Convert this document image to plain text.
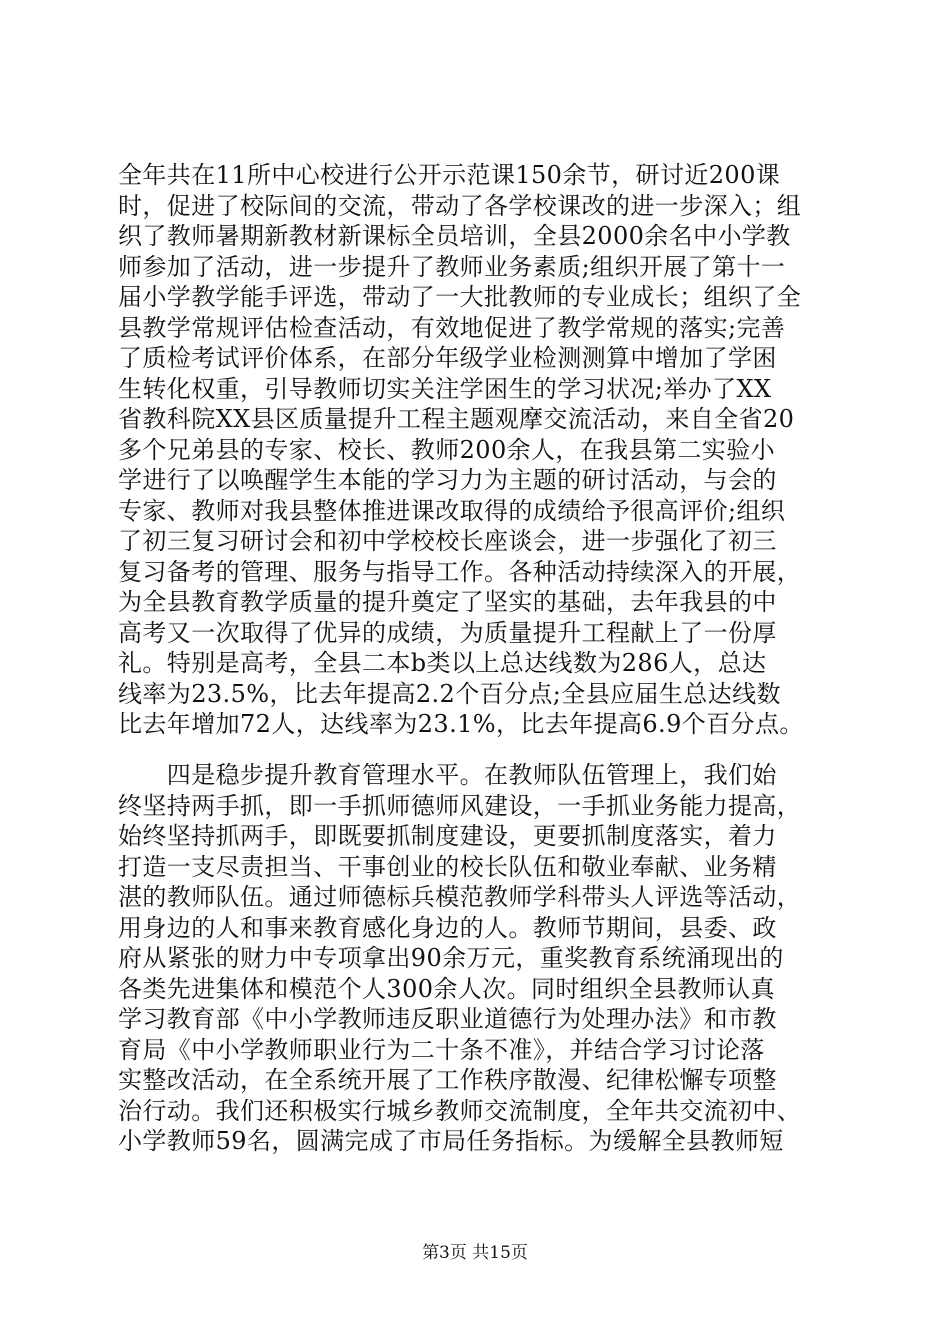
全年共在11所中心校进行公开示范课150余节，研讨近200课
时，促进了校际间的交流，带动了各学校课改的进一步深入；组
织了教师暑期新教材新课标全员培训，全县2000余名中小学教
师参加了活动，进一步提升了教师业务素质;组织开展了第十一
届小学教学能手评选，带动了一大批教师的专业成长；组织了全
县教学常规评估检查活动，有效地促进了教学常规的落实;完善
了质检考试评价体系，在部分年级学业检测测算中增加了学困
生转化权重，引导教师切实关注学困生的学习状况;举办了XX
省教科院XX县区质量提升工程主题观摩交流活动，来自全省20
多个兄弟县的专家、校长、教师200余人，在我县第二实验小
学进行了以唤醒学生本能的学习力为主题的研讨活动，与会的
专家、教师对我县整体推进课改取得的成绩给予很高评价;组织
了初三复习研讨会和初中学校校长座谈会，进一步强化了初三
复习备考的管理、服务与指导工作。各种活动持续深入的开展，
为全县教育教学质量的提升奠定了坚实的基础，去年我县的中
高考又一次取得了优异的成绩，为质量提升工程献上了一份厚
礼。特别是高考，全县二本b类以上总达线数为286人，总达
线率为23.5%，比去年提高2.2个百分点;全县应届生总达线数
比去年增加72人，达线率为23.1%，比去年提高6.9个百分点。
　　四是稳步提升教育管理水平。在教师队伍管理上，我们始
终坚持两手抓，即一手抓师德师风建设，一手抓业务能力提高，
始终坚持抓两手，即既要抓制度建设，更要抓制度落实，着力
打造一支尽责担当、干事创业的校长队伍和敬业奉献、业务精
湛的教师队伍。通过师德标兵模范教师学科带头人评选等活动，
用身边的人和事来教育感化身边的人。教师节期间，县委、政
府从紧张的财力中专项拿出90余万元，重奖教育系统涌现出的
各类先进集体和模范个人300余人次。同时组织全县教师认真
学习教育部《中小学教师违反职业道德行为处理办法》和市教
育局《中小学教师职业行为二十条不准》，并结合学习讨论落
实整改活动，在全系统开展了工作秩序散漫、纪律松懈专项整
治行动。我们还积极实行城乡教师交流制度，全年共交流初中、
小学教师59名，圆满完成了市局任务指标。为缓解全县教师短
第3页 共15页
